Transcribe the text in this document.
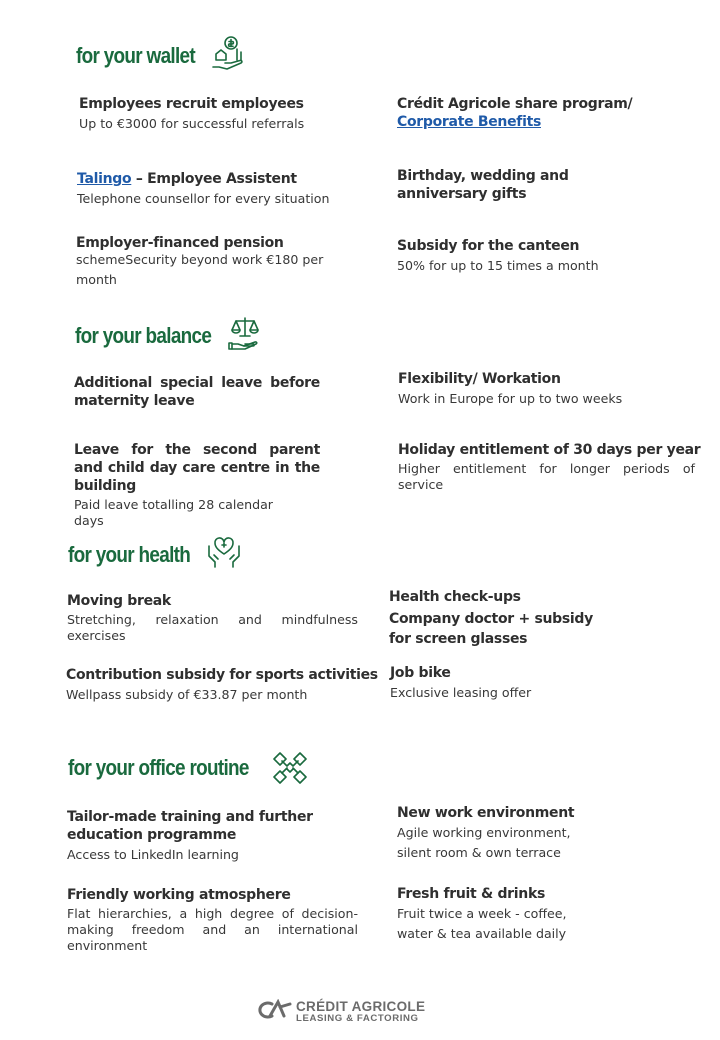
for your wallet
Employees recruit employees
Up to €3000 for successful referrals
Talingo – Employee Assistent
Telephone counsellor for every situation
Employer-financed pension
schemeSecurity beyond work €180 per month
Crédit Agricole share program/
Corporate Benefits
Birthday, wedding and anniversary gifts
Subsidy for the canteen
50% for up to 15 times a month
for your balance
Additional special leave before maternity leave
Leave for the second parent and child day care centre in the building
Paid leave totalling 28 calendar days
Flexibility/ Workation
Work in Europe for up to two weeks
Holiday entitlement of 30 days per year
Higher entitlement for longer periods of service
for your health
Moving break
Stretching, relaxation and mindfulness exercises
Contribution subsidy for sports activities
Wellpass subsidy of €33.87 per month
Health check-ups
Company doctor + subsidy for screen glasses
Job bike
Exclusive leasing offer
for your office routine
Tailor-made training and further education programme
Access to LinkedIn learning
Friendly working atmosphere
Flat hierarchies, a high degree of decision-making freedom and an international environment
New work environment
Agile working environment, silent room & own terrace
Fresh fruit & drinks
Fruit twice a week - coffee, water & tea available daily
CRÉDIT AGRICOLE
LEASING & FACTORING
